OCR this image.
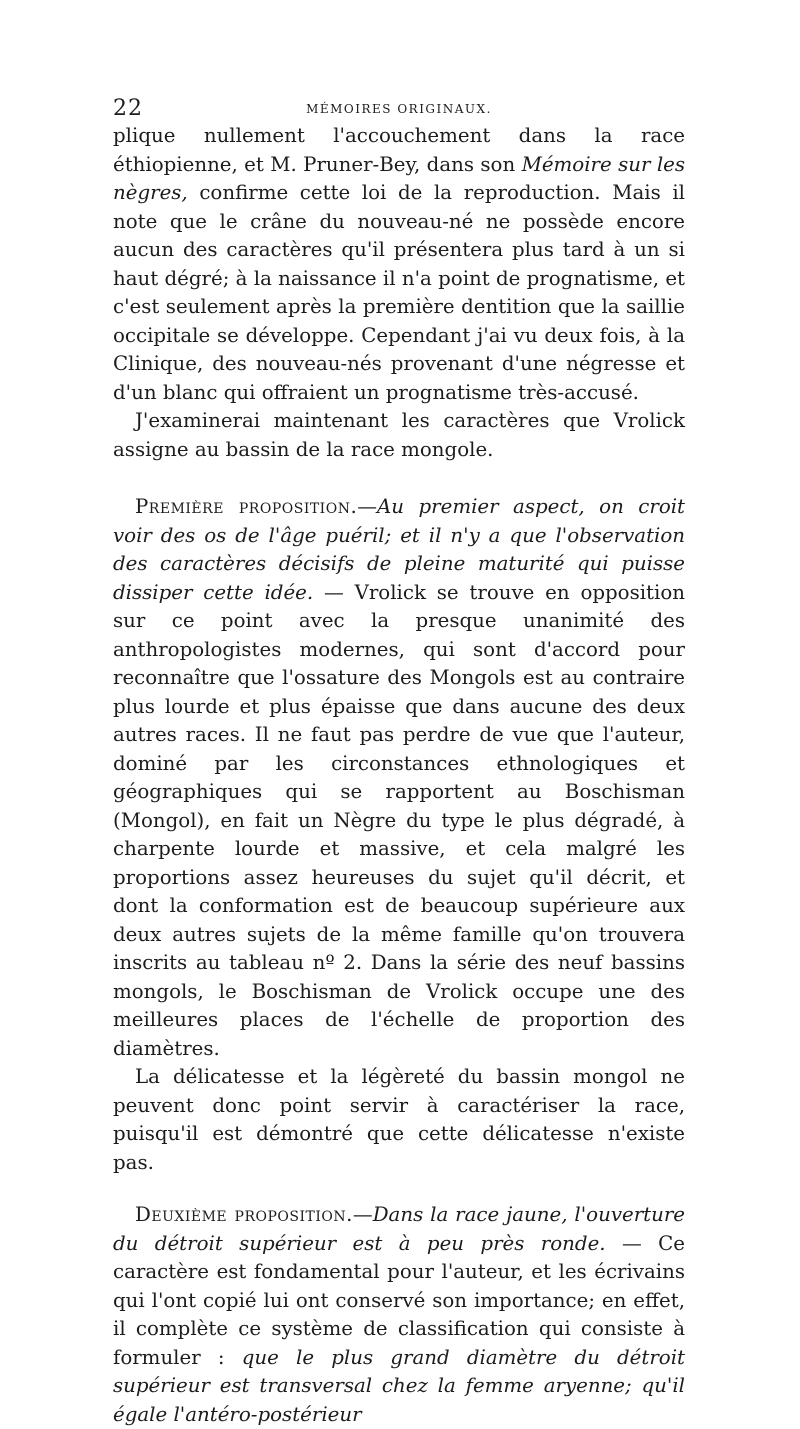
22	MÉMOIRES ORIGINAUX.

plique nullement l'accouchement dans la race éthiopienne, et M. Pruner-Bey, dans son Mémoire sur les nègres, confirme cette loi de la reproduction. Mais il note que le crâne du nouveau-né ne possède encore aucun des caractères qu'il présentera plus tard à un si haut dégré; à la naissance il n'a point de prognatisme, et c'est seulement après la première dentition que la saillie occipitale se développe. Cependant j'ai vu deux fois, à la Clinique, des nouveau-nés provenant d'une négresse et d'un blanc qui offraient un prognatisme très-accusé.

J'examinerai maintenant les caractères que Vrolick assigne au bassin de la race mongole.

Première proposition.—Au premier aspect, on croit voir des os de l'âge puéril; et il n'y a que l'observation des caractères décisifs de pleine maturité qui puisse dissiper cette idée. — Vrolick se trouve en opposition sur ce point avec la presque unanimité des anthropologistes modernes, qui sont d'accord pour reconnaître que l'ossature des Mongols est au contraire plus lourde et plus épaisse que dans aucune des deux autres races. Il ne faut pas perdre de vue que l'auteur, dominé par les circonstances ethnologiques et géographiques qui se rapportent au Boschisman (Mongol), en fait un Nègre du type le plus dégradé, à charpente lourde et massive, et cela malgré les proportions assez heureuses du sujet qu'il décrit, et dont la conformation est de beaucoup supérieure aux deux autres sujets de la même famille qu'on trouvera inscrits au tableau nº 2. Dans la série des neuf bassins mongols, le Boschisman de Vrolick occupe une des meilleures places de l'échelle de proportion des diamètres.

La délicatesse et la légèreté du bassin mongol ne peuvent donc point servir à caractériser la race, puisqu'il est démontré que cette délicatesse n'existe pas.

Deuxième proposition.—Dans la race jaune, l'ouverture du détroit supérieur est à peu près ronde. — Ce caractère est fondamental pour l'auteur, et les écrivains qui l'ont copié lui ont conservé son importance; en effet, il complète ce système de classification qui consiste à formuler : que le plus grand diamètre du détroit supérieur est transversal chez la femme aryenne; qu'il égale l'antéro-postérieur
